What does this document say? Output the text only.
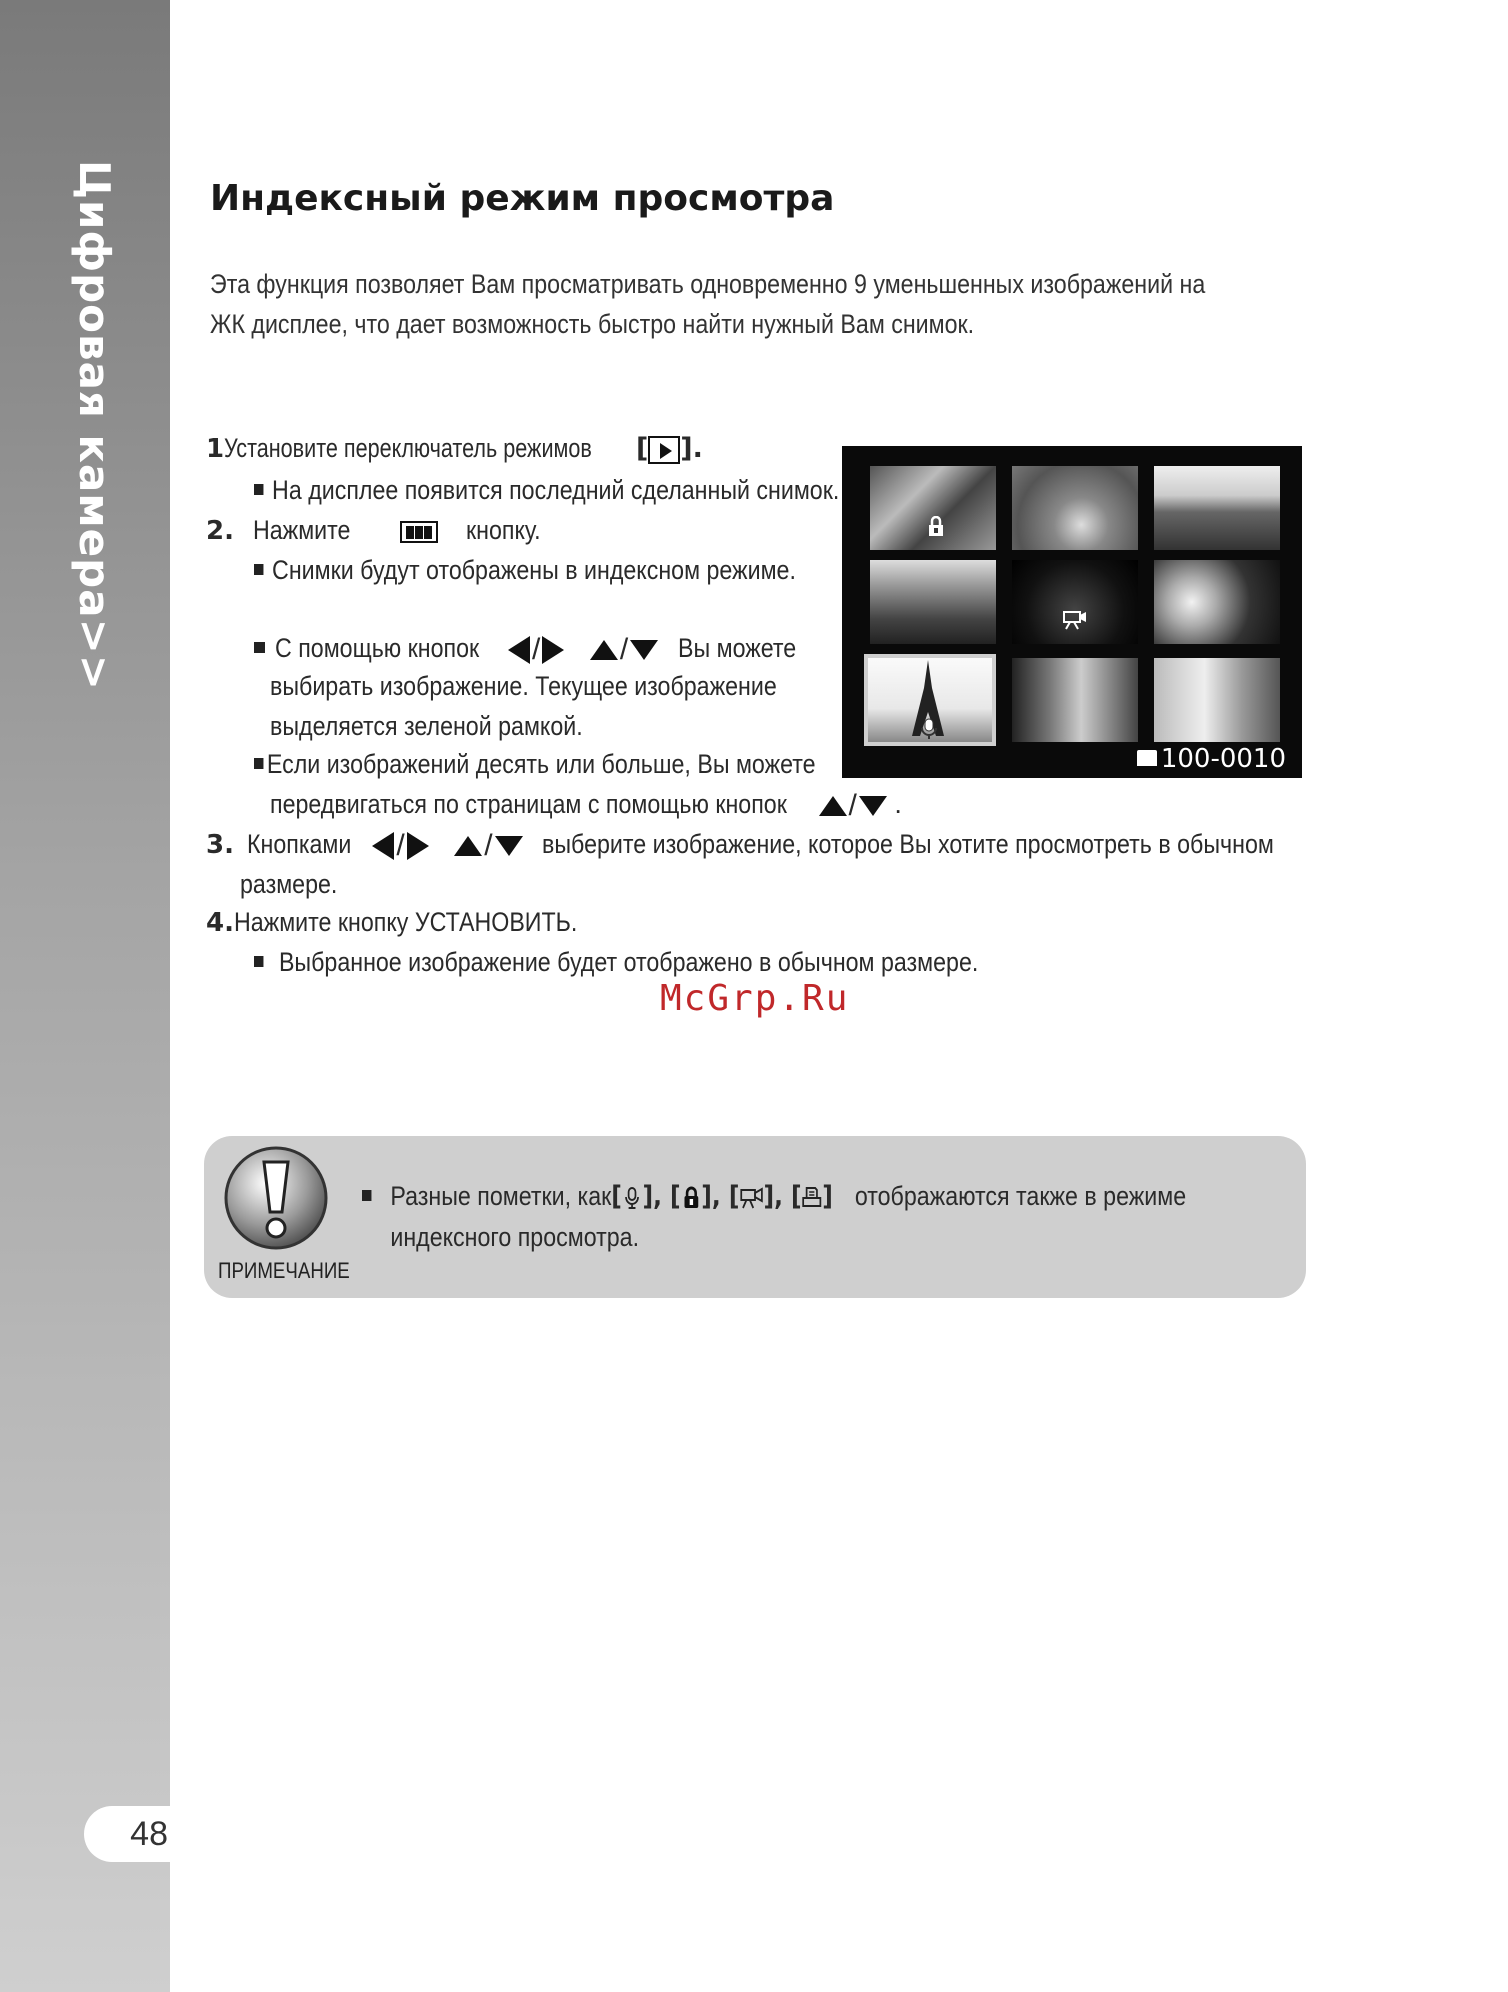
Цифровая камера>>
48
Индексный режим просмотра

Эта функция позволяет Вам просматривать одновременно 9 уменьшенных изображений на ЖК дисплее, что дает возможность быстро найти нужный Вам снимок.

1Установите переключатель режимов [ ].
На дисплее появится последний сделанный снимок.
2. Нажмите	кнопку.
Снимки будут отображены в индексном режиме.
С помощью кнопок /	/ Вы можете
выбирать изображение. Текущее изображение
выделяется зеленой рамкой.
Если изображений десять или больше, Вы можете
передвигаться по страницам с помощью кнопок / .
3. Кнопками /	/ выберите изображение, которое Вы хотите просмотреть в обычном
размере.
4.Нажмите кнопку УСТАНОВИТЬ.
Выбранное изображение будет отображено в обычном размере.
100-0010
McGrp.Ru
ПРИМЕЧАНИЕ
Разные пометки, как[ ], [ ], [ ], [ ] отображаются также в режиме
индексного просмотра.
